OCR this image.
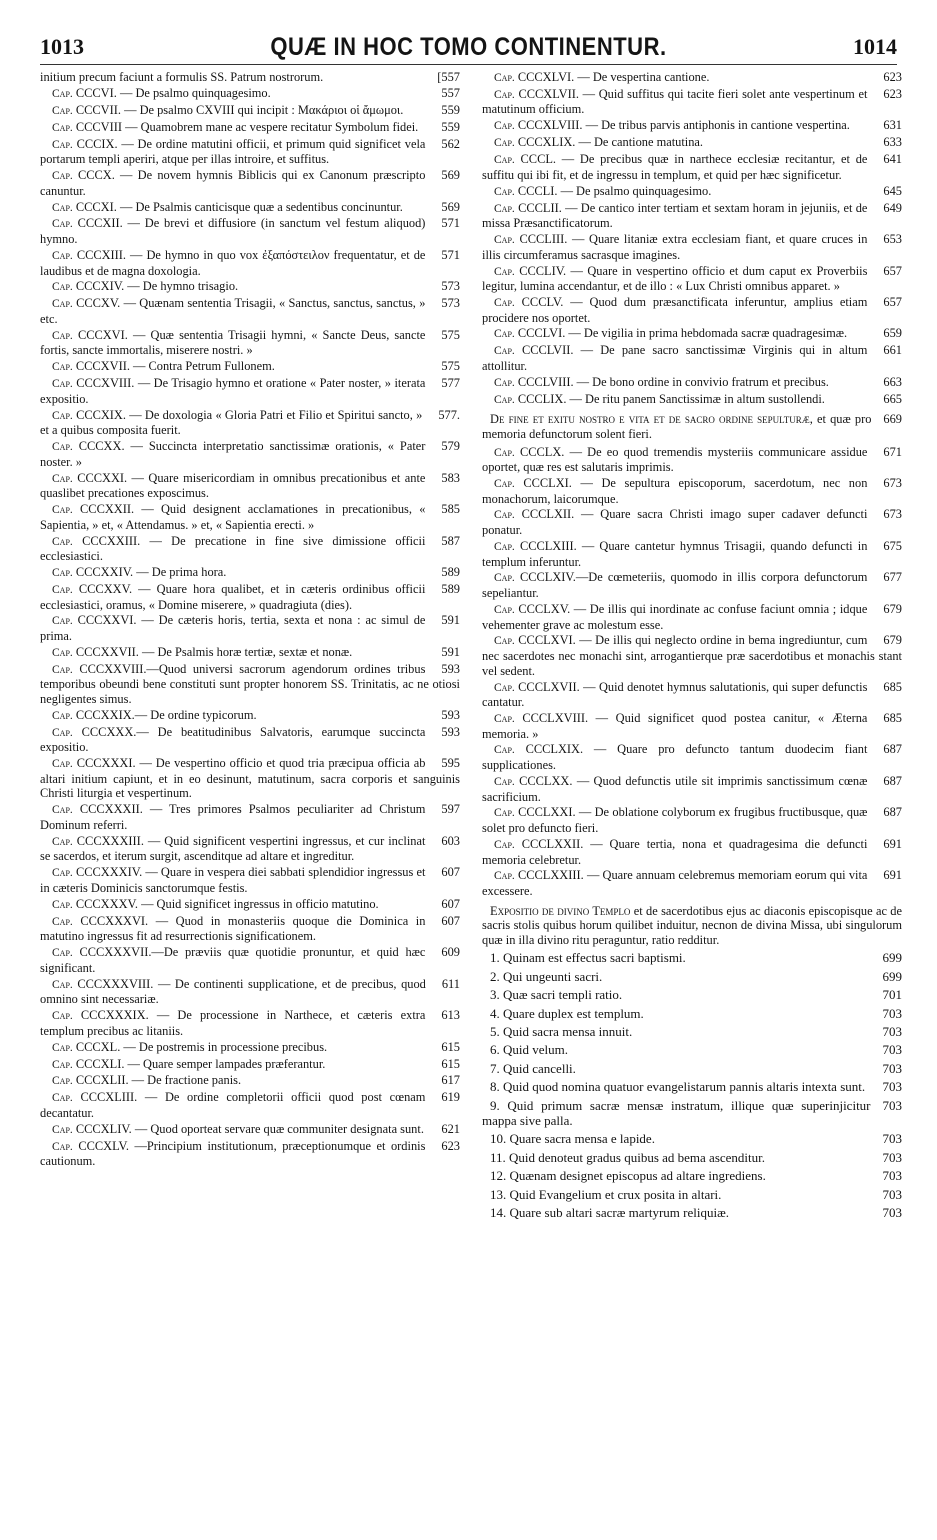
1013	QUÆ IN HOC TOMO CONTINENTUR.	1014
[557
initium precum faciunt a formulis SS. Patrum nostrorum.
557
Cap. CCCVI. — De psalmo quinquagesimo.
559
Cap. CCCVII. — De psalmo CXVIII qui incipit : Μακάριοι οἱ ἄμωμοι.
559
Cap. CCCVIII — Quamobrem mane ac vespere recitatur Symbolum fidei.
562
Cap. CCCIX. — De ordine matutini officii, et primum quid significet vela portarum templi aperiri, atque per illas introire, et suffitus.
569
Cap. CCCX. — De novem hymnis Biblicis qui ex Canonum præscripto canuntur.
569
Cap. CCCXI. — De Psalmis canticisque quæ a sedentibus concinuntur.
571
Cap. CCCXII. — De brevi et diffusiore (in sanctum vel festum aliquod) hymno.
571
Cap. CCCXIII. — De hymno in quo vox ἐξαπόστειλον frequentatur, et de laudibus et de magna doxologia.
573
Cap. CCCXIV. — De hymno trisagio.
573
Cap. CCCXV. — Quænam sententia Trisagii, « Sanctus, sanctus, sanctus, » etc.
575
Cap. CCCXVI. — Quæ sententia Trisagii hymni, « Sancte Deus, sancte fortis, sancte immortalis, miserere nostri. »
575
Cap. CCCXVII. — Contra Petrum Fullonem.
577
Cap. CCCXVIII. — De Trisagio hymno et oratione « Pater noster, » iterata expositio.
577.
Cap. CCCXIX. — De doxologia « Gloria Patri et Filio et Spiritui sancto, » et a quibus composita fuerit.
579
Cap. CCCXX. — Succincta interpretatio sanctissimæ orationis, « Pater noster. »
583
Cap. CCCXXI. — Quare misericordiam in omnibus precationibus et ante quaslibet precationes exposcimus.
585
Cap. CCCXXII. — Quid designent acclamationes in precationibus, « Sapientia, » et, « Attendamus. » et, « Sapientia erecti. »
587
Cap. CCCXXIII. — De precatione in fine sive dimissione officii ecclesiastici.
589
Cap. CCCXXIV. — De prima hora.
589
Cap. CCCXXV. — Quare hora qualibet, et in cæteris ordinibus officii ecclesiastici, oramus, « Domine miserere, » quadragiuta (dies).
591
Cap. CCCXXVI. — De cæteris horis, tertia, sexta et nona : ac simul de prima.
591
Cap. CCCXXVII. — De Psalmis horæ tertiæ, sextæ et nonæ.
593
Cap. CCCXXVIII.—Quod universi sacrorum agendorum ordines tribus temporibus obeundi bene constituti sunt propter honorem SS. Trinitatis, ac ne otiosi negligentes simus.
593
Cap. CCCXXIX.— De ordine typicorum.
593
Cap. CCCXXX.— De beatitudinibus Salvatoris, earumque succincta expositio.
595
Cap. CCCXXXI. — De vespertino officio et quod tria præcipua officia ab altari initium capiunt, et in eo desinunt, matutinum, sacra corporis et sanguinis Christi liturgia et vespertinum.
597
Cap. CCCXXXII. — Tres primores Psalmos peculiariter ad Christum Dominum referri.
603
Cap. CCCXXXIII. — Quid significent vespertini ingressus, et cur inclinat se sacerdos, et iterum surgit, ascenditque ad altare et ingreditur.
607
Cap. CCCXXXIV. — Quare in vespera diei sabbati splendidior ingressus et in cæteris Dominicis sanctorumque festis.
607
Cap. CCCXXXV. — Quid significet ingressus in officio matutino.
607
Cap. CCCXXXVI. — Quod in monasteriis quoque die Dominica in matutino ingressus fit ad resurrectionis significationem.
609
Cap. CCCXXXVII.—De præviis quæ quotidie pronuntur, et quid hæc significant.
611
Cap. CCCXXXVIII. — De continenti supplicatione, et de precibus, quod omnino sint necessariæ.
613
Cap. CCCXXXIX. — De processione in Narthece, et cæteris extra templum precibus ac litaniis.
615
Cap. CCCXL. — De postremis in processione precibus.
615
Cap. CCCXLI. — Quare semper lampades præferantur.
617
Cap. CCCXLII. — De fractione panis.
619
Cap. CCCXLIII. — De ordine completorii officii quod post cœnam decantatur.
621
Cap. CCCXLIV. — Quod oporteat servare quæ communiter designata sunt.
623
Cap. CCCXLV. —Principium institutionum, præceptionumque et ordinis cautionum.
623
Cap. CCCXLVI. — De vespertina cantione.
623
Cap. CCCXLVII. — Quid suffitus qui tacite fieri solet ante vespertinum et matutinum officium.
631
Cap. CCCXLVIII. — De tribus parvis antiphonis in cantione vespertina.
633
Cap. CCCXLIX. — De cantione matutina.
641
Cap. CCCL. — De precibus quæ in narthece ecclesiæ recitantur, et de suffitu qui ibi fit, et de ingressu in templum, et quid per hæc significetur.
645
Cap. CCCLI. — De psalmo quinquagesimo.
649
Cap. CCCLII. — De cantico inter tertiam et sextam horam in jejuniis, et de missa Præsanctificatorum.
653
Cap. CCCLIII. — Quare litaniæ extra ecclesiam fiant, et quare cruces in illis circumferamus sacrasque imagines.
657
Cap. CCCLIV. — Quare in vespertino officio et dum caput ex Proverbiis legitur, lumina accendantur, et de illo : « Lux Christi omnibus apparet. »
657
Cap. CCCLV. — Quod dum præsanctificata inferuntur, amplius etiam procidere nos oportet.
659
Cap. CCCLVI. — De vigilia in prima hebdomada sacræ quadragesimæ.
661
Cap. CCCLVII. — De pane sacro sanctissimæ Virginis qui in altum attollitur.
663
Cap. CCCLVIII. — De bono ordine in convivio fratrum et precibus.
665
Cap. CCCLIX. — De ritu panem Sanctissimæ in altum sustollendi.
669
De fine et exitu nostro e vita et de sacro ordine sepulturæ, et quæ pro memoria defunctorum solent fieri.
671
Cap. CCCLX. — De eo quod tremendis mysteriis communicare assidue oportet, quæ res est salutaris imprimis.
673
Cap. CCCLXI. — De sepultura episcoporum, sacerdotum, nec non monachorum, laicorumque.
673
Cap. CCCLXII. — Quare sacra Christi imago super cadaver defuncti ponatur.
675
Cap. CCCLXIII. — Quare cantetur hymnus Trisagii, quando defuncti in templum inferuntur.
677
Cap. CCCLXIV.—De cœmeteriis, quomodo in illis corpora defunctorum sepeliantur.
679
Cap. CCCLXV. — De illis qui inordinate ac confuse faciunt omnia ; idque vehementer grave ac molestum esse.
679
Cap. CCCLXVI. — De illis qui neglecto ordine in bema ingrediuntur, cum nec sacerdotes nec monachi sint, arrogantierque præ sacerdotibus et monachis stant vel sedent.
685
Cap. CCCLXVII. — Quid denotet hymnus salutationis, qui super defunctis cantatur.
685
Cap. CCCLXVIII. — Quid significet quod postea canitur, « Æterna memoria. »
687
Cap. CCCLXIX. — Quare pro defuncto tantum duodecim fiant supplicationes.
687
Cap. CCCLXX. — Quod defunctis utile sit imprimis sanctissimum cœnæ sacrificium.
687
Cap. CCCLXXI. — De oblatione colyborum ex frugibus fructibusque, quæ solet pro defuncto fieri.
691
Cap. CCCLXXII. — Quare tertia, nona et quadragesima die defuncti memoria celebretur.
691
Cap. CCCLXXIII. — Quare annuam celebremus memoriam eorum qui vita excessere.
Expositio de divino Templo et de sacerdotibus ejus ac diaconis episcopisque ac de sacris stolis quibus horum quilibet induitur, necnon de divina Missa, ubi singulorum quæ in illa divino ritu peraguntur, ratio redditur.
699
1. Quinam est effectus sacri baptismi.
699
2. Qui ungeunti sacri.
701
3. Quæ sacri templi ratio.
703
4. Quare duplex est templum.
703
5. Quid sacra mensa innuit.
703
6. Quid velum.
703
7. Quid cancelli.
703
8. Quid quod nomina quatuor evangelistarum pannis altaris intexta sunt.
703
9. Quid primum sacræ mensæ instratum, illique quæ superinjicitur mappa sive palla.
703
10. Quare sacra mensa e lapide.
703
11. Quid denoteut gradus quibus ad bema ascenditur.
703
12. Quænam designet episcopus ad altare ingrediens.
703
13. Quid Evangelium et crux posita in altari.
703
14. Quare sub altari sacræ martyrum reliquiæ.
